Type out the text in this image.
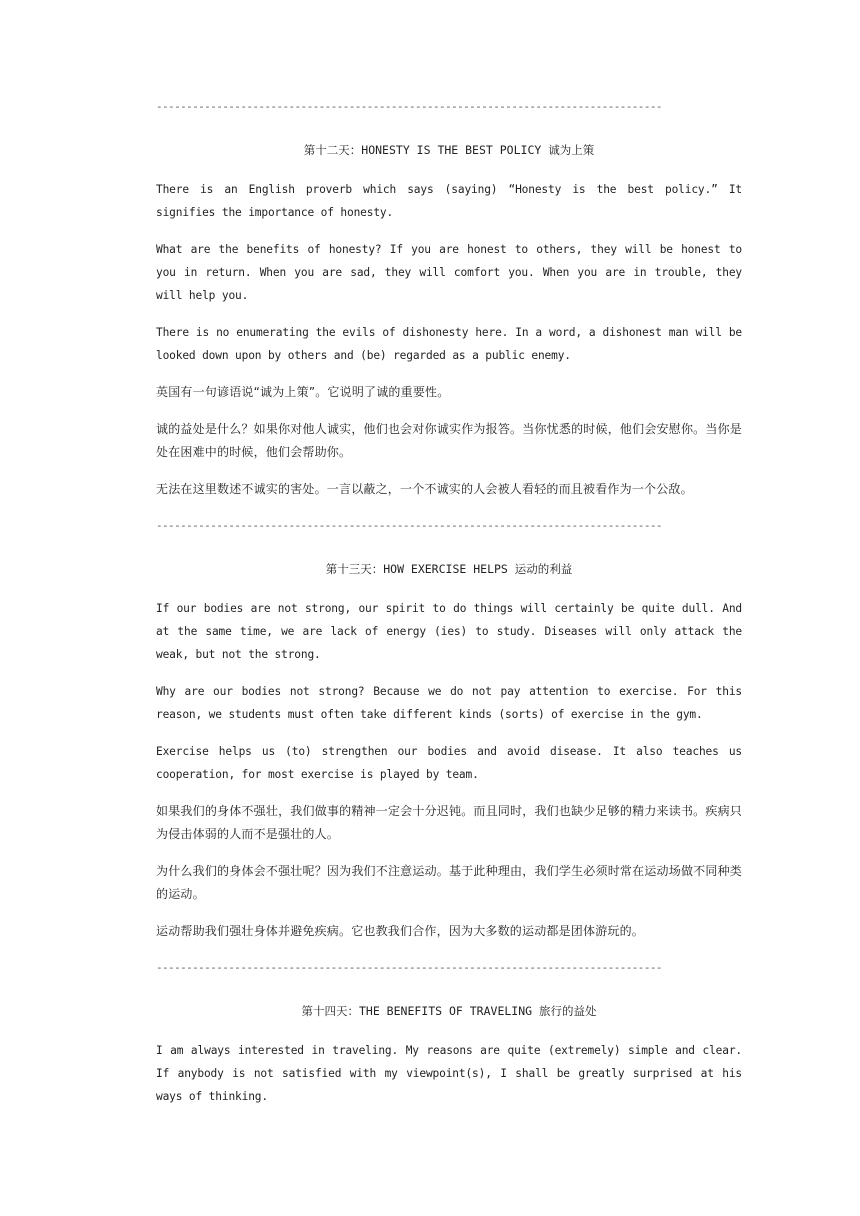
------------------------------------------------------------------------------------
第十二天：HONESTY IS THE BEST POLICY 诚为上策

There is an English proverb which says (saying) “Honesty is the best policy.” It signifies the importance of honesty.

What are the benefits of honesty? If you are honest to others, they will be honest to you in return. When you are sad, they will comfort you. When you are in trouble, they will help you.

There is no enumerating the evils of dishonesty here. In a word, a dishonest man will be looked down upon by others and (be) regarded as a public enemy.

英国有一句谚语说“诚为上策”。它说明了诚的重要性。

诚的益处是什么？如果你对他人诚实，他们也会对你诚实作为报答。当你忧悉的时候，他们会安慰你。当你是处在困难中的时候，他们会帮助你。

无法在这里数述不诚实的害处。一言以蔽之，一个不诚实的人会被人看轻的而且被看作为一个公敌。

------------------------------------------------------------------------------------
第十三天：HOW EXERCISE HELPS 运动的利益

If our bodies are not strong, our spirit to do things will certainly be quite dull. And at the same time, we are lack of energy (ies) to study. Diseases will only attack the weak, but not the strong.

Why are our bodies not strong? Because we do not pay attention to exercise. For this reason, we students must often take different kinds (sorts) of exercise in the gym.

Exercise helps us (to) strengthen our bodies and avoid disease. It also teaches us cooperation, for most exercise is played by team.

如果我们的身体不强壮，我们做事的精神一定会十分迟钝。而且同时，我们也缺少足够的精力来读书。疾病只为侵击体弱的人而不是强壮的人。

为什么我们的身体会不强壮呢？因为我们不注意运动。基于此种理由，我们学生必须时常在运动场做不同种类的运动。

运动帮助我们强壮身体并避免疾病。它也教我们合作，因为大多数的运动都是团体游玩的。

------------------------------------------------------------------------------------
第十四天：THE BENEFITS OF TRAVELING 旅行的益处

I am always interested in traveling. My reasons are quite (extremely) simple and clear. If anybody is not satisfied with my viewpoint(s), I shall be greatly surprised at his ways of thinking.
